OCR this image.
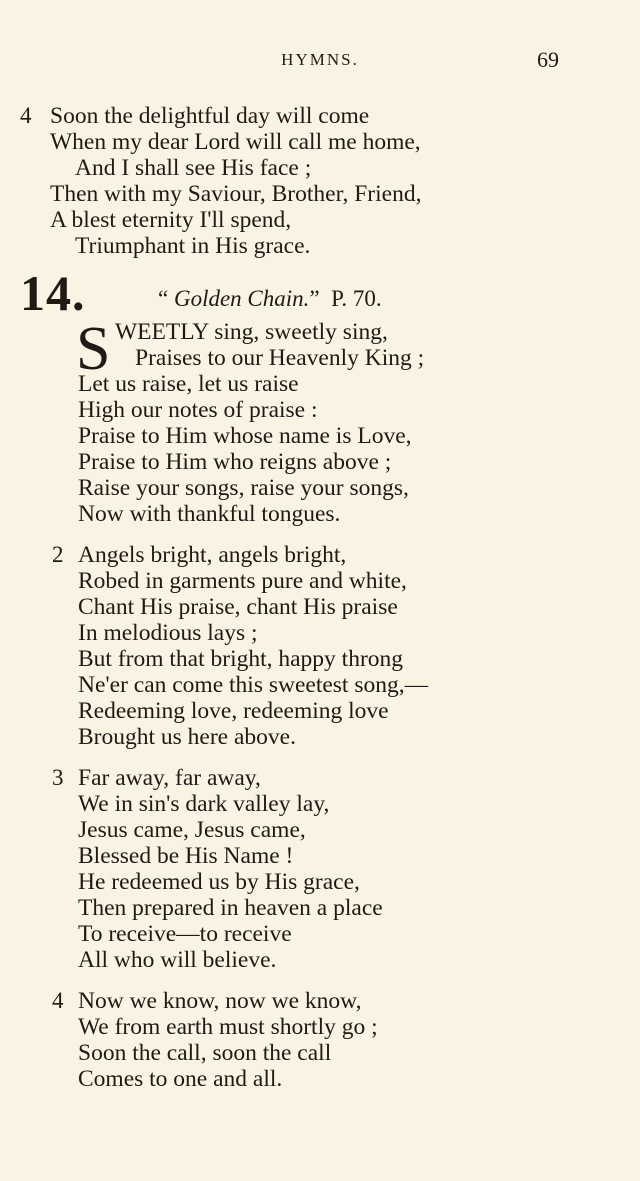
HYMNS.	69
4 Soon the delightful day will come
When my dear Lord will call me home,
And I shall see His face ;
Then with my Saviour, Brother, Friend,
A blest eternity I'll spend,
Triumphant in His grace.
14.	“ Golden Chain.” P. 70.
S WEETLY sing, sweetly sing,
Praises to our Heavenly King ;
Let us raise, let us raise
High our notes of praise :
Praise to Him whose name is Love,
Praise to Him who reigns above ;
Raise your songs, raise your songs,
Now with thankful tongues.
2 Angels bright, angels bright,
Robed in garments pure and white,
Chant His praise, chant His praise
In melodious lays ;
But from that bright, happy throng
Ne'er can come this sweetest song,—
Redeeming love, redeeming love
Brought us here above.
3 Far away, far away,
We in sin's dark valley lay,
Jesus came, Jesus came,
Blessed be His Name !
He redeemed us by His grace,
Then prepared in heaven a place
To receive—to receive
All who will believe.
4 Now we know, now we know,
We from earth must shortly go ;
Soon the call, soon the call
Comes to one and all.
